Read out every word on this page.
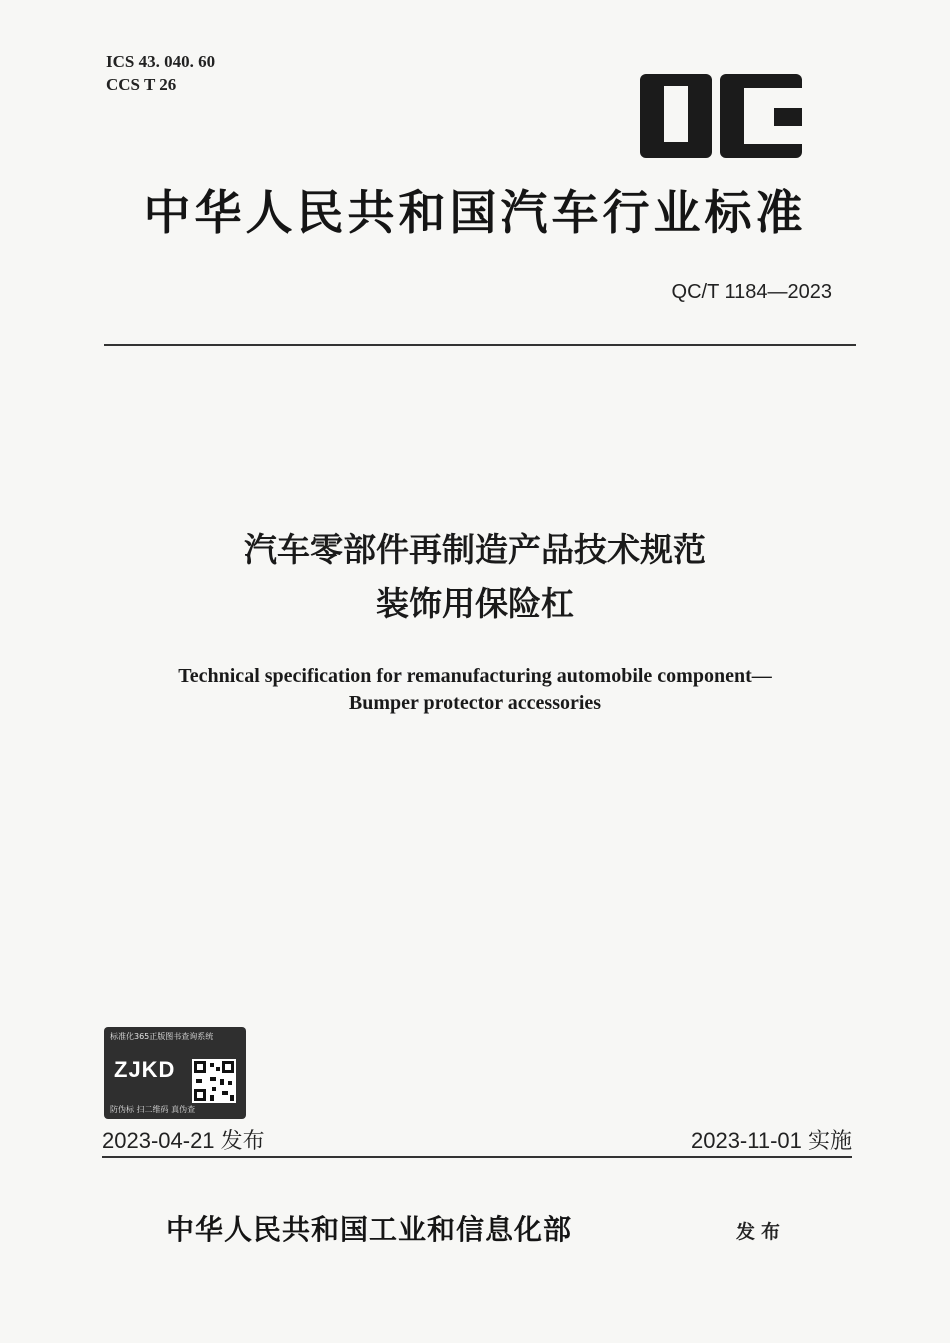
ICS 43. 040. 60
CCS T 26
中华人民共和国汽车行业标准
QC/T 1184—2023
汽车零部件再制造产品技术规范
装饰用保险杠
Technical specification for remanufacturing automobile component—
Bumper protector accessories
标准化365正版图书查询系统
ZJKD
防伪标 扫二维码 真伪查
2023-04-21 发布	2023-11-01 实施
中华人民共和国工业和信息化部	发布
